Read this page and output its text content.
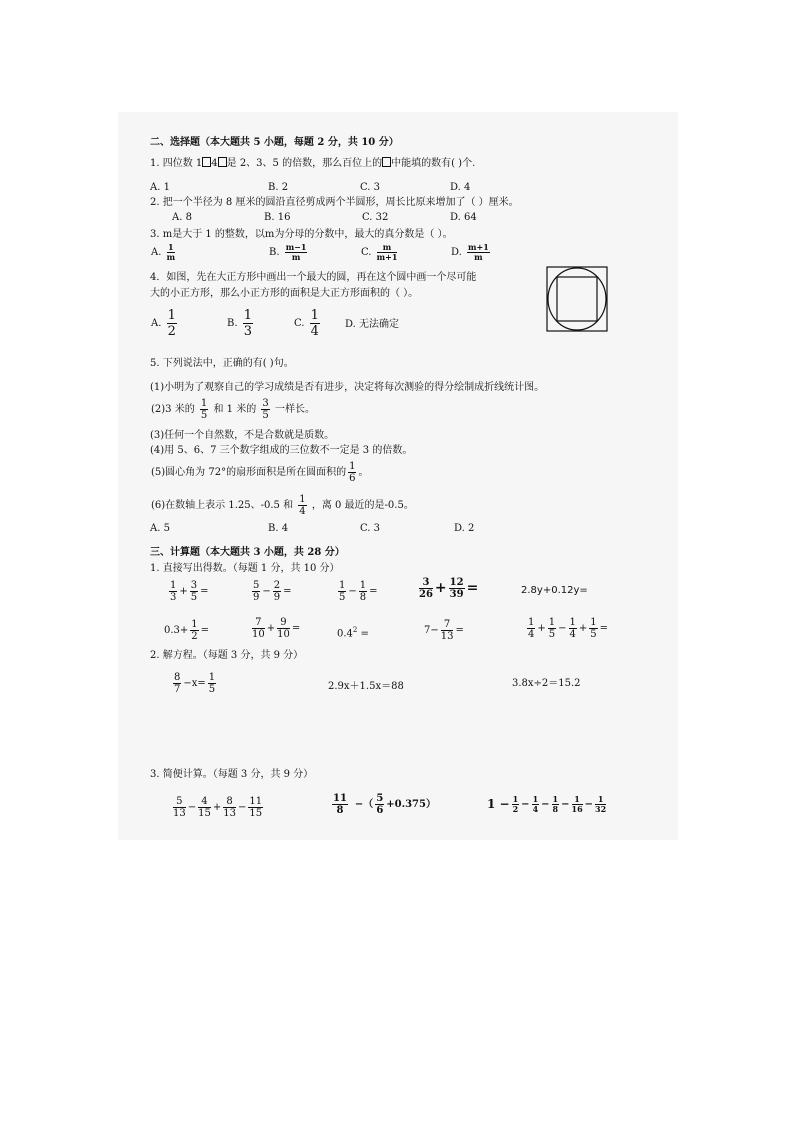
二、选择题（本大题共 5 小题，每题 2 分，共 10 分）
1. 四位数 1 4 是 2、3、5 的倍数，那么百位上的 中能填的数有( )个.
A. 1	B. 2	C. 3	D. 4
2. 把一个半径为 8 厘米的圆沿直径剪成两个半圆形，周长比原来增加了（ ）厘米。
A. 8	B. 16	C. 32	D. 64
3. m是大于 1 的整数，以m为分母的分数中，最大的真分数是（ ）。
A. $\frac{1}{m}$	B. $\frac{m-1}{m}$	C. $\frac{m}{m+1}$	D. $\frac{m+1}{m}$
4．如图，先在大正方形中画出一个最大的圆，再在这个圆中画一个尽可能
大的小正方形，那么小正方形的面积是大正方形面积的（ ）。
A. $\frac{1}{2}$	B. $\frac{1}{3}$	C. $\frac{1}{4}$	D. 无法确定
5. 下列说法中，正确的有( )句。
(1)小明为了观察自己的学习成绩是否有进步，决定将每次测验的得分绘制成折线统计图。
(2)3 米的 $\frac{1}{5}$ 和 1 米的 $\frac{3}{5}$ 一样长。
(3)任何一个自然数，不是合数就是质数。
(4)用 5、6、7 三个数字组成的三位数不一定是 3 的倍数。
(5)圆心角为 72°的扇形面积是所在圆面积的 $\frac{1}{6}$ 。
(6)在数轴上表示 1.25、-0.5 和 $\frac{1}{4}$ ，离 0 最近的是-0.5。
A. 5	B. 4	C. 3	D. 2
三、计算题（本大题共 3 小题，共 28 分）
1. 直接写出得数。（每题 1 分，共 10 分）
$\frac{1}{3} + \frac{3}{5}$ =	$\frac{5}{9} - \frac{2}{9}$ =	$\frac{1}{5} - \frac{1}{8}$ =	$\frac{3}{26} + \frac{12}{39}$ =	2.8y+0.12y=
$0.3+ \frac{1}{2}$ =	$\frac{7}{10} + \frac{9}{10}$ =	$0.4^2$ =	$7- \frac{7}{13}$ =	$\frac{1}{4} + \frac{1}{5} - \frac{1}{4} + \frac{1}{5}$ =
2. 解方程。（每题 3 分，共 9 分）
$\frac{8}{7} -x= \frac{1}{5}$	2.9x＋1.5x＝88	3.8x÷2＝15.2
3. 简便计算。（每题 3 分，共 9 分）
$\frac{5}{13} - \frac{4}{15} + \frac{8}{13} - \frac{11}{15}$	$\frac{11}{8}$ −（ $\frac{5}{6} +0.375$）	$1 - \frac{1}{2} - \frac{1}{4} - \frac{1}{8} - \frac{1}{16} - \frac{1}{32}$
